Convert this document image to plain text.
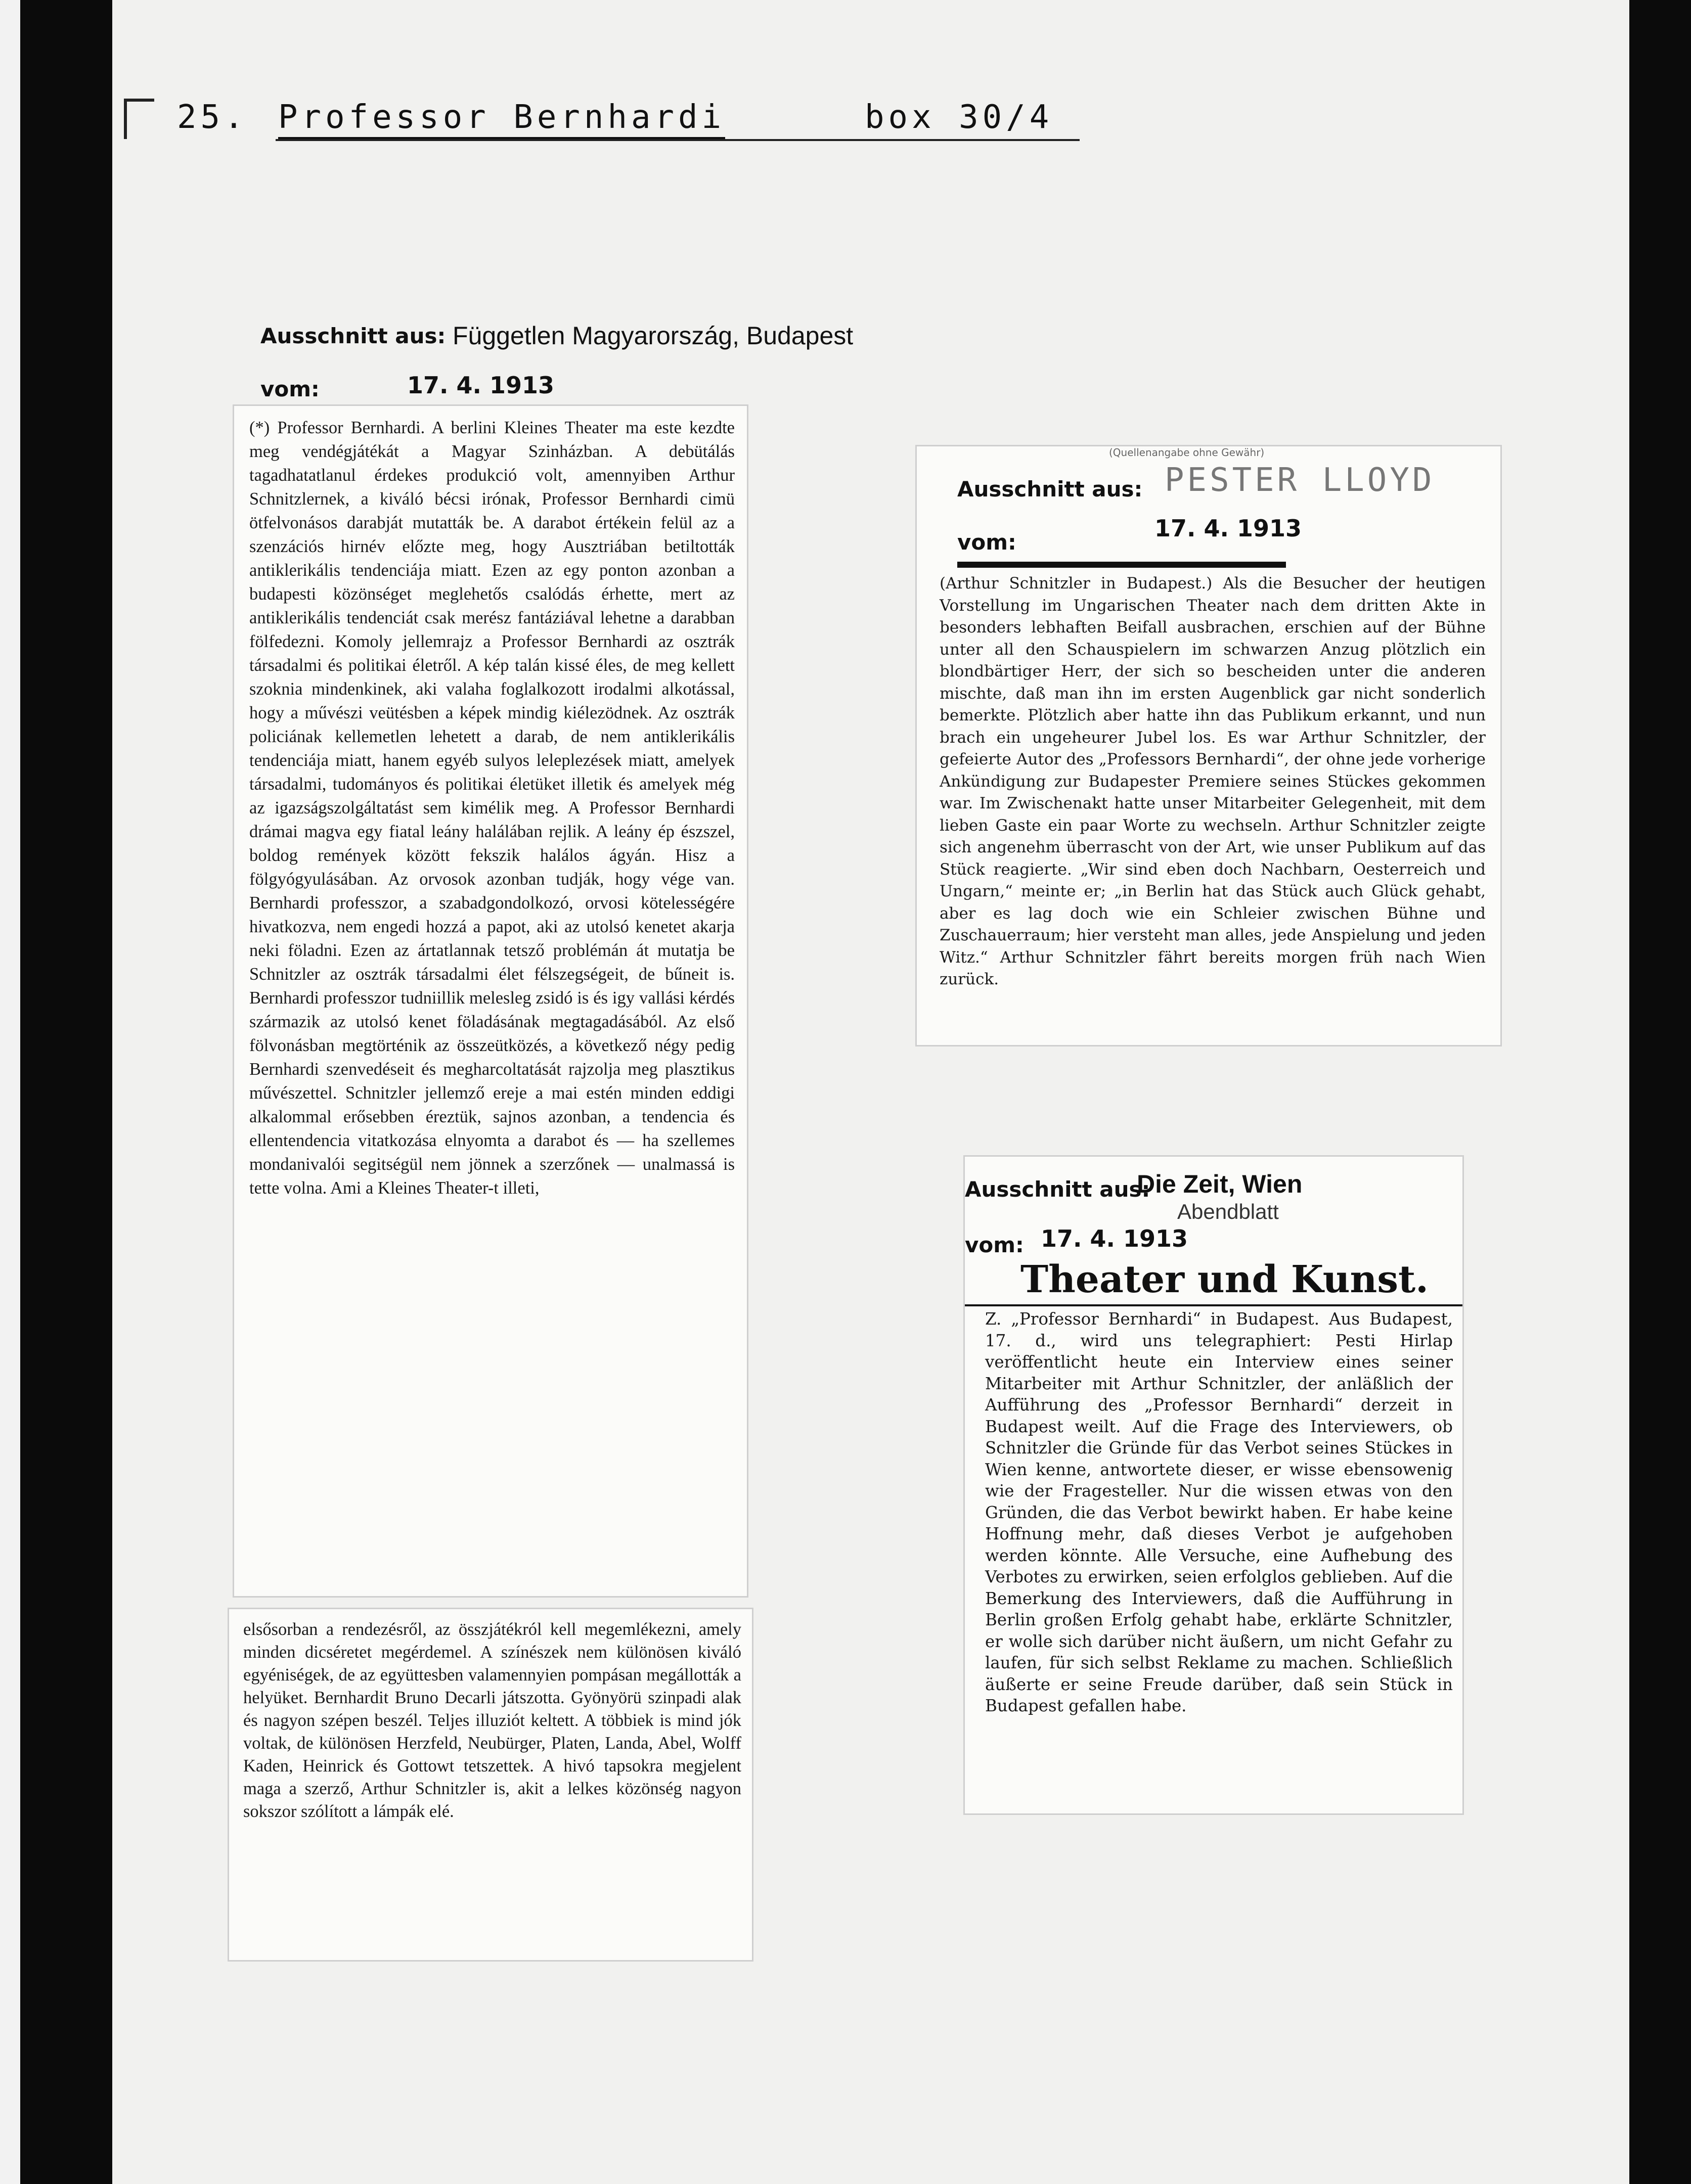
25. Professor Bernhardi	box 30/4
Ausschnitt aus: Független Magyarország, Budapest
vom:	17. 4. 1913
(*) Professor Bernhardi. A berlini Kleines Theater ma este kezdte meg vendégjátékát a Magyar Szinházban. A debütálás tagadhatatlanul érdekes produkció volt, amennyiben Arthur Schnitzlernek, a kiváló bécsi irónak, Professor Bernhardi cimü ötfelvonásos darabját mutatták be. A darabot értékein felül az a szenzációs hirnév előzte meg, hogy Ausztriában betiltották antiklerikális tendenciája miatt. Ezen az egy ponton azonban a budapesti közönséget meglehetős csalódás érhette, mert az antiklerikális tendenciát csak merész fantáziával lehetne a darabban fölfedezni. Komoly jellemrajz a Professor Bernhardi az osztrák társadalmi és politikai életről. A kép talán kissé éles, de meg kellett szoknia mindenkinek, aki valaha foglalkozott irodalmi alkotással, hogy a művészi veütésben a képek mindig kiélezödnek. Az osztrák policiának kellemetlen lehetett a darab, de nem antiklerikális tendenciája miatt, hanem egyéb sulyos leleplezések miatt, amelyek társadalmi, tudományos és politikai életüket illetik és amelyek még az igazságszolgáltatást sem kimélik meg. A Professor Bernhardi drámai magva egy fiatal leány halálában rejlik. A leány ép észszel, boldog remények között fekszik halálos ágyán. Hisz a fölgyógyulásában. Az orvosok azonban tudják, hogy vége van. Bernhardi professzor, a szabadgondolkozó, orvosi kötelességére hivatkozva, nem engedi hozzá a papot, aki az utolsó kenetet akarja neki föladni. Ezen az ártatlannak tetsző problémán át mutatja be Schnitzler az osztrák társadalmi élet félszegségeit, de bűneit is. Bernhardi professzor tudniillik melesleg zsidó is és igy vallási kérdés származik az utolsó kenet föladásának megtagadásából. Az első fölvonásban megtörténik az összeütközés, a következő négy pedig Bernhardi szenvedéseit és megharcoltatását rajzolja meg plasztikus művészettel. Schnitzler jellemző ereje a mai estén minden eddigi alkalommal erősebben éreztük, sajnos azonban, a tendencia és ellentendencia vitatkozása elnyomta a darabot és — ha szellemes mondanivalói segitségül nem jönnek a szerzőnek — unalmassá is tette volna. Ami a Kleines Theater-t illeti,
elsősorban a rendezésről, az összjátékról kell megemlékezni, amely minden dicséretet megérdemel. A színészek nem különösen kiváló egyéniségek, de az együttesben valamennyien pompásan megállották a helyüket. Bernhardit Bruno Decarli játszotta. Gyönyörü szinpadi alak és nagyon szépen beszél. Teljes illuziót keltett. A többiek is mind jók voltak, de különösen Herzfeld, Neubürger, Platen, Landa, Abel, Wolff Kaden, Heinrick és Gottowt tetszettek. A hivó tapsokra megjelent maga a szerző, Arthur Schnitzler is, akit a lelkes közönség nagyon sokszor szólított a lámpák elé.
(Quellenangabe ohne Gewähr)
Ausschnitt aus: PESTER LLOYD
vom:
17. 4. 1913
(Arthur Schnitzler in Budapest.) Als die Besucher der heutigen Vorstellung im Ungarischen Theater nach dem dritten Akte in besonders lebhaften Beifall ausbrachen, erschien auf der Bühne unter all den Schauspielern im schwarzen Anzug plötzlich ein blondbärtiger Herr, der sich so bescheiden unter die anderen mischte, daß man ihn im ersten Augenblick gar nicht sonderlich bemerkte. Plötzlich aber hatte ihn das Publikum erkannt, und nun brach ein ungeheurer Jubel los. Es war Arthur Schnitzler, der gefeierte Autor des „Professors Bernhardi“, der ohne jede vorherige Ankündigung zur Budapester Premiere seines Stückes gekommen war. Im Zwischenakt hatte unser Mitarbeiter Gelegenheit, mit dem lieben Gaste ein paar Worte zu wechseln. Arthur Schnitzler zeigte sich angenehm überrascht von der Art, wie unser Publikum auf das Stück reagierte. „Wir sind eben doch Nachbarn, Oesterreich und Ungarn,“ meinte er; „in Berlin hat das Stück auch Glück gehabt, aber es lag doch wie ein Schleier zwischen Bühne und Zuschauerraum; hier versteht man alles, jede Anspielung und jeden Witz.“ Arthur Schnitzler fährt bereits morgen früh nach Wien zurück.
Ausschnitt aus:
Die Zeit, Wien
Abendblatt
vom: 17. 4. 1913
Theater und Kunst.
Z. „Professor Bernhardi“ in Budapest. Aus Budapest, 17. d., wird uns telegraphiert: Pesti Hirlap veröffentlicht heute ein Interview eines seiner Mitarbeiter mit Arthur Schnitzler, der anläßlich der Aufführung des „Professor Bernhardi“ derzeit in Budapest weilt. Auf die Frage des Interviewers, ob Schnitzler die Gründe für das Verbot seines Stückes in Wien kenne, antwortete dieser, er wisse ebensowenig wie der Fragesteller. Nur die wissen etwas von den Gründen, die das Verbot bewirkt haben. Er habe keine Hoffnung mehr, daß dieses Verbot je aufgehoben werden könnte. Alle Versuche, eine Aufhebung des Verbotes zu erwirken, seien erfolglos geblieben. Auf die Bemerkung des Interviewers, daß die Aufführung in Berlin großen Erfolg gehabt habe, erklärte Schnitzler, er wolle sich darüber nicht äußern, um nicht Gefahr zu laufen, für sich selbst Reklame zu machen. Schließlich äußerte er seine Freude darüber, daß sein Stück in Budapest gefallen habe.
